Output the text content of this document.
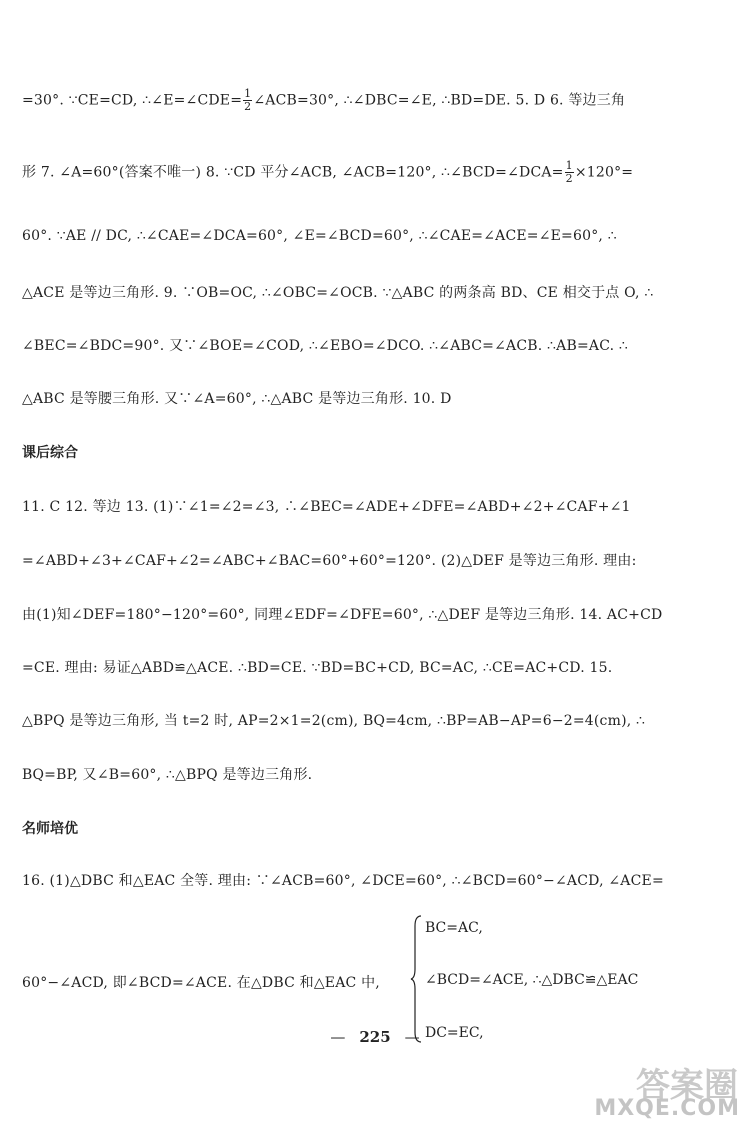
=30°. ∵CE=CD, ∴∠E=∠CDE= $\frac{1}{2}$ ∠ACB=30°, ∴∠DBC=∠E, ∴BD=DE. 5. D 6. 等边三角
形 7. ∠A=60°(答案不唯一) 8. ∵CD 平分∠ACB, ∠ACB=120°, ∴∠BCD=∠DCA= $\frac{1}{2} \times 120^\circ=$
60°. ∵AE // DC, ∴∠CAE=∠DCA=60°, ∠E=∠BCD=60°, ∴∠CAE=∠ACE=∠E=60°, ∴
△ACE 是等边三角形. 9. ∵OB=OC, ∴∠OBC=∠OCB. ∵△ABC 的两条高 BD、CE 相交于点 O, ∴
∠BEC=∠BDC=90°. 又∵∠BOE=∠COD, ∴∠EBO=∠DCO. ∴∠ABC=∠ACB. ∴AB=AC. ∴
△ABC 是等腰三角形. 又∵∠A=60°, ∴△ABC 是等边三角形. 10. D
课后综合
11. C 12. 等边 13. (1)∵∠1=∠2=∠3, ∴∠BEC=∠ADE+∠DFE=∠ABD+∠2+∠CAF+∠1
=∠ABD+∠3+∠CAF+∠2=∠ABC+∠BAC=60°+60°=120°. (2)△DEF 是等边三角形. 理由:
由(1)知∠DEF=180°−120°=60°, 同理∠EDF=∠DFE=60°, ∴△DEF 是等边三角形. 14. AC+CD
=CE. 理由: 易证△ABD≌△ACE. ∴BD=CE. ∵BD=BC+CD, BC=AC, ∴CE=AC+CD. 15.
△BPQ 是等边三角形, 当 t=2 时, AP=2×1=2(cm), BQ=4cm, ∴BP=AB−AP=6−2=4(cm), ∴
BQ=BP, 又∠B=60°, ∴△BPQ 是等边三角形.
名师培优
16. (1)△DBC 和△EAC 全等. 理由: ∵∠ACB=60°, ∠DCE=60°, ∴∠BCD=60°−∠ACD, ∠ACE=
60°−∠ACD, 即∠BCD=∠ACE. 在△DBC 和△EAC 中,
BC=AC,
∠BCD=∠ACE, ∴△DBC≌△EAC
DC=EC,
— 225 —
答案圈
MXQE.COM
